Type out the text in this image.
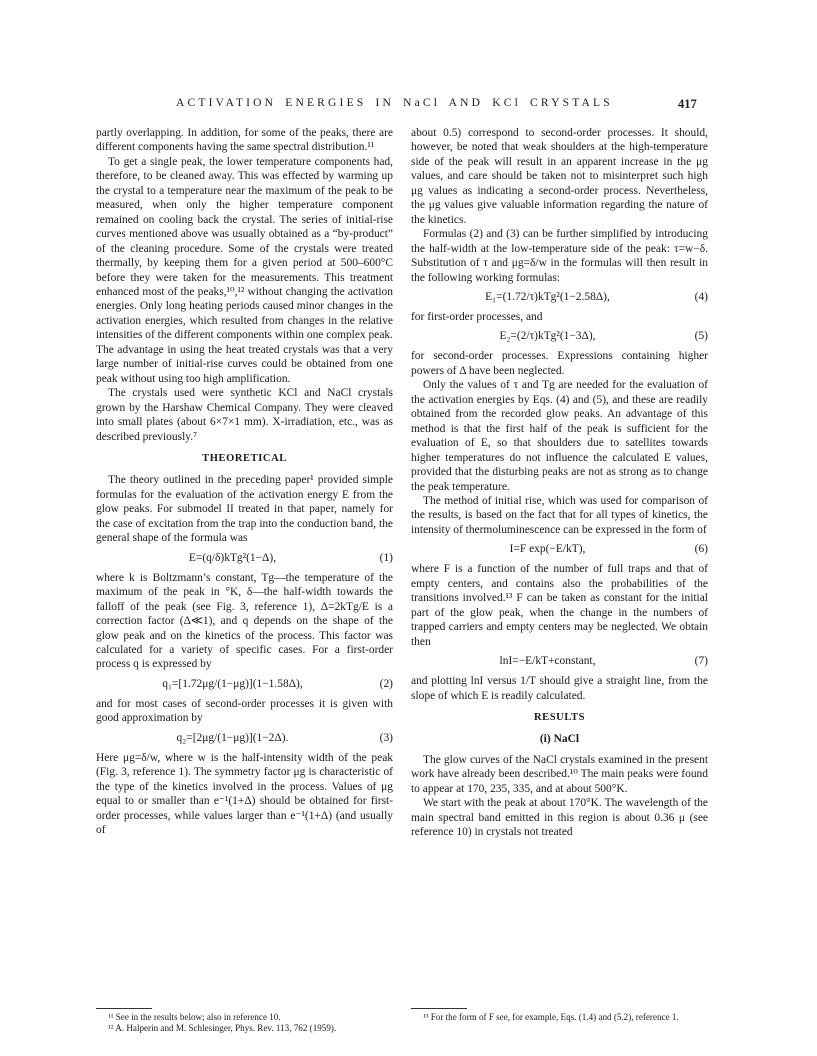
ACTIVATION ENERGIES IN NaCl AND KCl CRYSTALS	417

partly overlapping. In addition, for some of the peaks, there are different components having the same spectral distribution.¹¹

To get a single peak, the lower temperature components had, therefore, to be cleaned away. This was effected by warming up the crystal to a temperature near the maximum of the peak to be measured, when only the higher temperature component remained on cooling back the crystal. The series of initial-rise curves mentioned above was usually obtained as a “by-product” of the cleaning procedure. Some of the crystals were treated thermally, by keeping them for a given period at 500–600°C before they were taken for the measurements. This treatment enhanced most of the peaks,¹⁰,¹² without changing the activation energies. Only long heating periods caused minor changes in the activation energies, which resulted from changes in the relative intensities of the different components within one complex peak. The advantage in using the heat treated crystals was that a very large number of initial-rise curves could be obtained from one peak without using too high amplification.

The crystals used were synthetic KCl and NaCl crystals grown by the Harshaw Chemical Company. They were cleaved into small plates (about 6×7×1 mm). X-irradiation, etc., was as described previously.⁷

THEORETICAL

The theory outlined in the preceding paper¹ provided simple formulas for the evaluation of the activation energy E from the glow peaks. For submodel II treated in that paper, namely for the case of excitation from the trap into the conduction band, the general shape of the formula was

E=(q/δ)kTg²(1−Δ),	(1)

where k is Boltzmann’s constant, Tg—the temperature of the maximum of the peak in °K, δ—the half-width towards the falloff of the peak (see Fig. 3, reference 1), Δ=2kTg/E is a correction factor (Δ≪1), and q depends on the shape of the glow peak and on the kinetics of the process. This factor was calculated for a variety of specific cases. For a first-order process q is expressed by

q₁=[1.72μg/(1−μg)](1−1.58Δ),	(2)

and for most cases of second-order processes it is given with good approximation by

q₂=[2μg/(1−μg)](1−2Δ).	(3)

Here μg=δ/w, where w is the half-intensity width of the peak (Fig. 3, reference 1). The symmetry factor μg is characteristic of the type of the kinetics involved in the process. Values of μg equal to or smaller than e⁻¹(1+Δ) should be obtained for first-order processes, while values larger than e⁻¹(1+Δ) (and usually of

¹¹ See in the results below; also in reference 10.

¹² A. Halperin and M. Schlesinger, Phys. Rev. 113, 762 (1959).

about 0.5) correspond to second-order processes. It should, however, be noted that weak shoulders at the high-temperature side of the peak will result in an apparent increase in the μg values, and care should be taken not to misinterpret such high μg values as indicating a second-order process. Nevertheless, the μg values give valuable information regarding the nature of the kinetics.

Formulas (2) and (3) can be further simplified by introducing the half-width at the low-temperature side of the peak: τ=w−δ. Substitution of τ and μg=δ/w in the formulas will then result in the following working formulas:

E₁=(1.72/τ)kTg²(1−2.58Δ),	(4)

for first-order processes, and

E₂=(2/τ)kTg²(1−3Δ),	(5)

for second-order processes. Expressions containing higher powers of Δ have been neglected.

Only the values of τ and Tg are needed for the evaluation of the activation energies by Eqs. (4) and (5), and these are readily obtained from the recorded glow peaks. An advantage of this method is that the first half of the peak is sufficient for the evaluation of E, so that shoulders due to satellites towards higher temperatures do not influence the calculated E values, provided that the disturbing peaks are not as strong as to change the peak temperature.

The method of initial rise, which was used for comparison of the results, is based on the fact that for all types of kinetics, the intensity of thermoluminescence can be expressed in the form of

I=F exp(−E/kT),	(6)

where F is a function of the number of full traps and that of empty centers, and contains also the probabilities of the transitions involved.¹³ F can be taken as constant for the initial part of the glow peak, when the change in the numbers of trapped carriers and empty centers may be neglected. We obtain then

lnI=−E/kT+constant,	(7)

and plotting lnI versus 1/T should give a straight line, from the slope of which E is readily calculated.

RESULTS
(i) NaCl

The glow curves of the NaCl crystals examined in the present work have already been described.¹⁰ The main peaks were found to appear at 170, 235, 335, and at about 500°K.

We start with the peak at about 170°K. The wavelength of the main spectral band emitted in this region is about 0.36 μ (see reference 10) in crystals not treated

¹³ For the form of F see, for example, Eqs. (1.4) and (5.2), reference 1.
